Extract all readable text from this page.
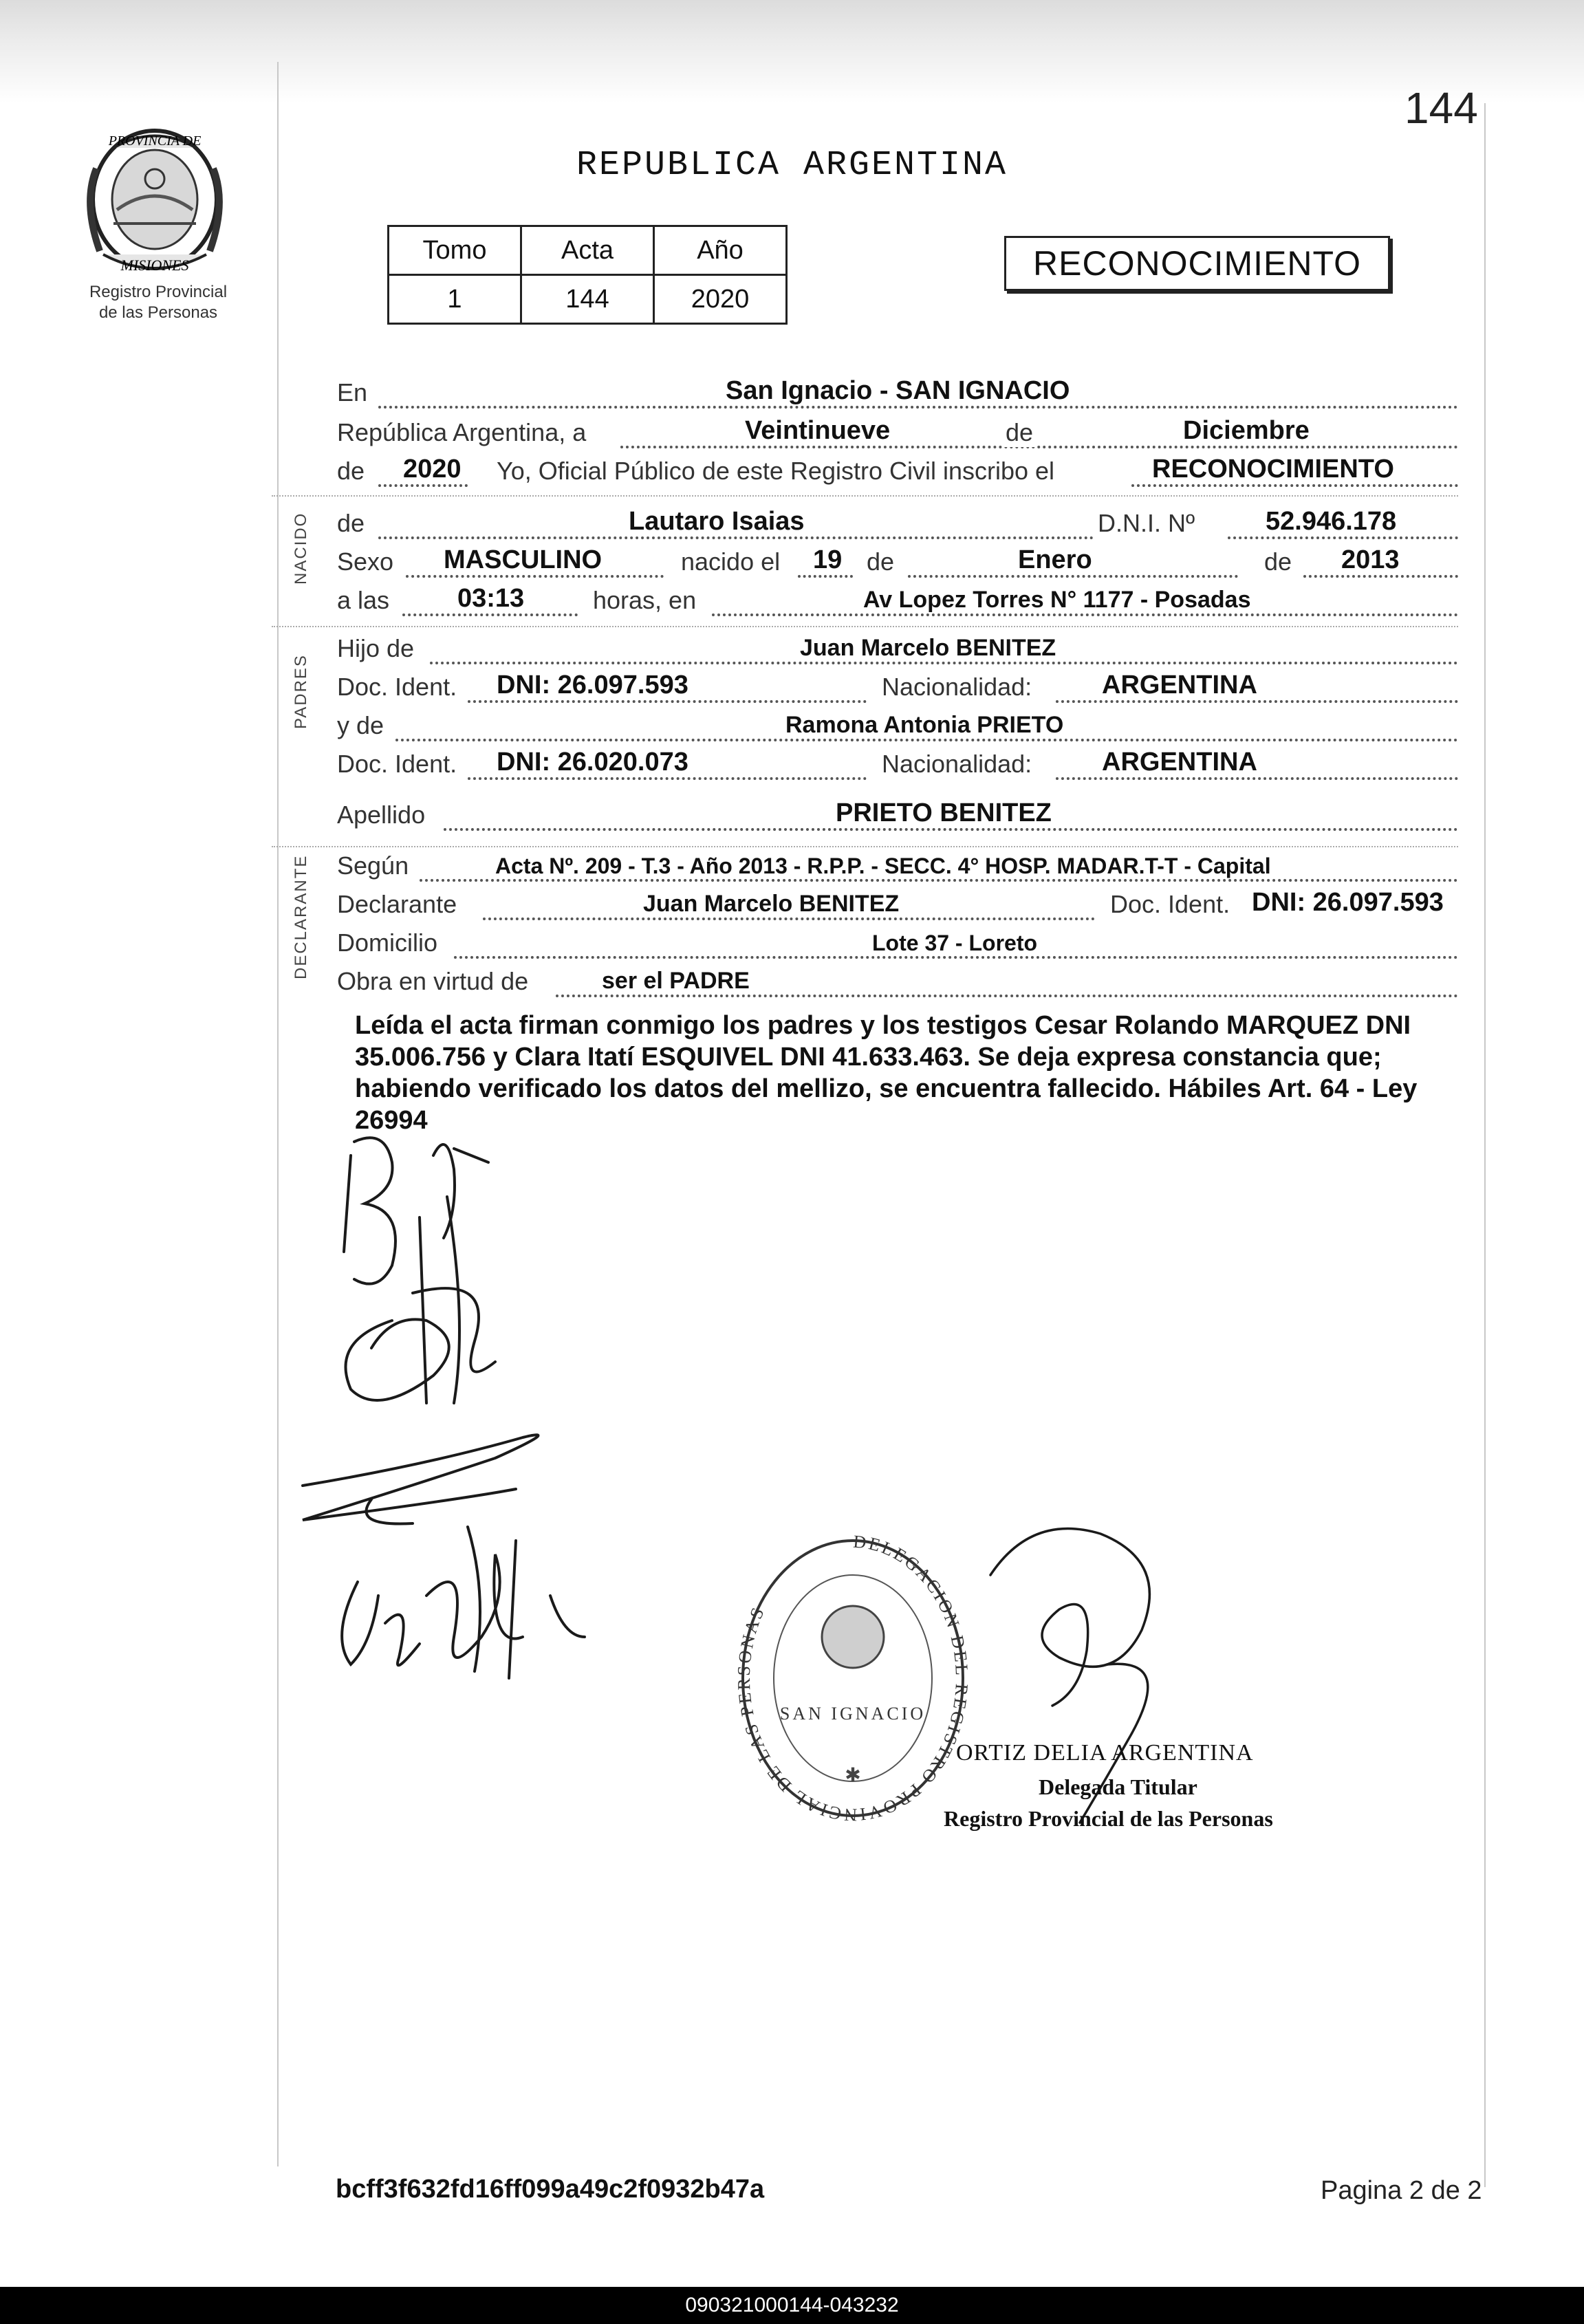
PROVINCIA DE
MISIONES
Registro Provincial
de las Personas
144
REPUBLICA ARGENTINA
Tomo	Acta	Año
1	144	2020
RECONOCIMIENTO
En	San Ignacio - SAN IGNACIO
República Argentina, a	Veintinueve	de	Diciembre
de 2020 Yo, Oficial Público de este Registro Civil inscribo el	RECONOCIMIENTO
de	Lautaro Isaias	D.N.I. Nº	52.946.178
Sexo MASCULINO	nacido el 19 de	Enero	de 2013
a las	03:13	horas, en	Av Lopez Torres N° 1177 - Posadas
Hijo de	Juan Marcelo BENITEZ
Doc. Ident. DNI: 26.097.593	Nacionalidad:	ARGENTINA
y de	Ramona Antonia PRIETO
Doc. Ident. DNI: 26.020.073	Nacionalidad:	ARGENTINA
Apellido	PRIETO BENITEZ
Según	Acta Nº. 209 - T.3 - Año 2013 - R.P.P. - SECC. 4° HOSP. MADAR.T-T - Capital
Declarante	Juan Marcelo BENITEZ	Doc. Ident. DNI: 26.097.593
Domicilio	Lote 37 - Loreto
Obra en virtud de	ser el PADRE
NACIDO
PADRES
DECLARANTE
Leída el acta firman conmigo los padres y los testigos Cesar Rolando MARQUEZ DNI 35.006.756 y Clara Itatí ESQUIVEL DNI 41.633.463. Se deja expresa constancia que; habiendo verificado los datos del mellizo, se encuentra fallecido. Hábiles Art. 64 - Ley 26994
DELEGACION DEL REGISTRO PROVINCIAL DE LAS PERSONAS
SAN IGNACIO
✱
ORTIZ DELIA ARGENTINA
Delegada Titular
Registro Provincial de las Personas
bcff3f632fd16ff099a49c2f0932b47a	Pagina 2 de 2
090321000144-043232
